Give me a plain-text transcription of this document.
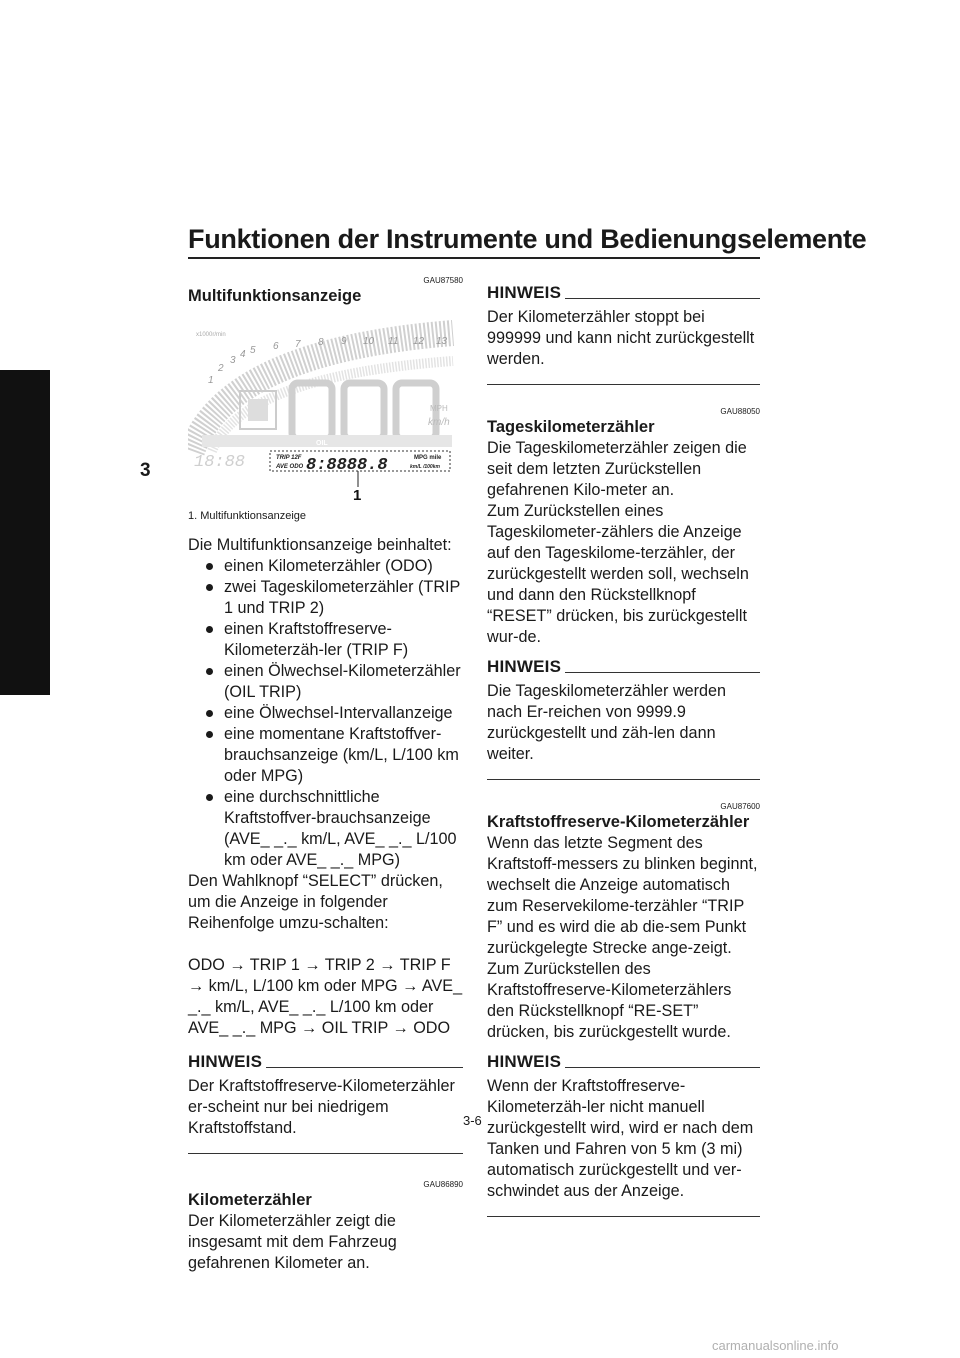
Funktionen der Instrumente und Bedienungselemente
3
GAU87580

Multifunktionsanzeige

1
2
3
4 5 6 7 8 9 10 11 12 13
x1000r/min
MPH
km/h
OIL
18:88	TRIP 12F
AVE ODO 8:8888.8	MPG mile
km/L /100km
1
1. Multifunktionsanzeige

Die Multifunktionsanzeige beinhaltet:

einen Kilometerzähler (ODO)
zwei Tageskilometerzähler (TRIP 1 und TRIP 2)
einen Kraftstoffreserve-Kilometerzäh-ler (TRIP F)
einen Ölwechsel-Kilometerzähler (OIL TRIP)
eine Ölwechsel-Intervallanzeige
eine momentane Kraftstoffver-brauchsanzeige (km/L, L/100 km oder MPG)
eine durchschnittliche Kraftstoffver-brauchsanzeige (AVE_ _._ km/L, AVE_ _._ L/100 km oder AVE_ _._ MPG)

Den Wahlknopf “SELECT” drücken, um die Anzeige in folgender Reihenfolge umzu-schalten:

ODO → TRIP 1 → TRIP 2 → TRIP F → km/L, L/100 km oder MPG → AVE_ _._ km/L, AVE_ _._ L/100 km oder AVE_ _._ MPG → OIL TRIP → ODO

HINWEIS

Der Kraftstoffreserve-Kilometerzähler er-scheint nur bei niedrigem Kraftstoffstand.

GAU86890

Kilometerzähler

Der Kilometerzähler zeigt die insgesamt mit dem Fahrzeug gefahrenen Kilometer an.

HINWEIS

Der Kilometerzähler stoppt bei 999999 und kann nicht zurückgestellt werden.

GAU88050

Tageskilometerzähler

Die Tageskilometerzähler zeigen die seit dem letzten Zurückstellen gefahrenen Kilo-meter an.

Zum Zurückstellen eines Tageskilometer-zählers die Anzeige auf den Tageskilome-terzähler, der zurückgestellt werden soll, wechseln und dann den Rückstellknopf “RESET” drücken, bis zurückgestellt wur-de.

HINWEIS

Die Tageskilometerzähler werden nach Er-reichen von 9999.9 zurückgestellt und zäh-len dann weiter.

GAU87600

Kraftstoffreserve-Kilometerzähler

Wenn das letzte Segment des Kraftstoff-messers zu blinken beginnt, wechselt die Anzeige automatisch zum Reservekilome-terzähler “TRIP F” und es wird die ab die-sem Punkt zurückgelegte Strecke ange-zeigt.

Zum Zurückstellen des Kraftstoffreserve-Kilometerzählers den Rückstellknopf “RE-SET” drücken, bis zurückgestellt wurde.

HINWEIS

Wenn der Kraftstoffreserve-Kilometerzäh-ler nicht manuell zurückgestellt wird, wird er nach dem Tanken und Fahren von 5 km (3 mi) automatisch zurückgestellt und ver-schwindet aus der Anzeige.

3-6
carmanualsonline.info
